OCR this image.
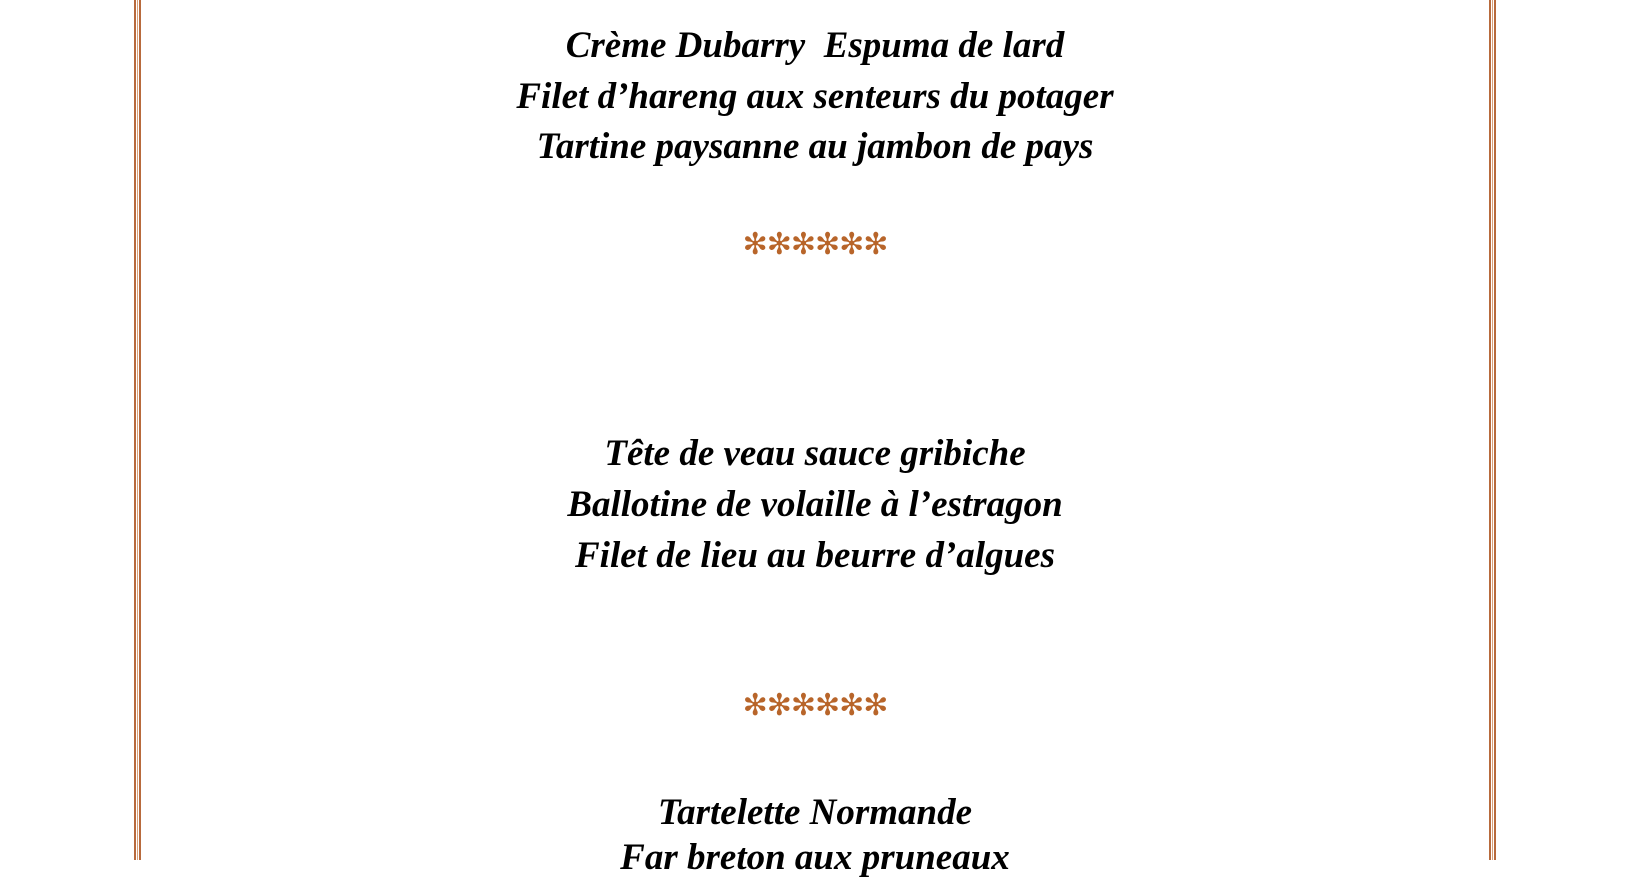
Crème Dubarry  Espuma de lard
Filet d’hareng aux senteurs du potager
Tartine paysanne au jambon de pays
✻✻✻✻✻✻
Tête de veau sauce gribiche
Ballotine de volaille à l’estragon
Filet de lieu au beurre d’algues
✻✻✻✻✻✻
Tartelette Normande
Far breton aux pruneaux
